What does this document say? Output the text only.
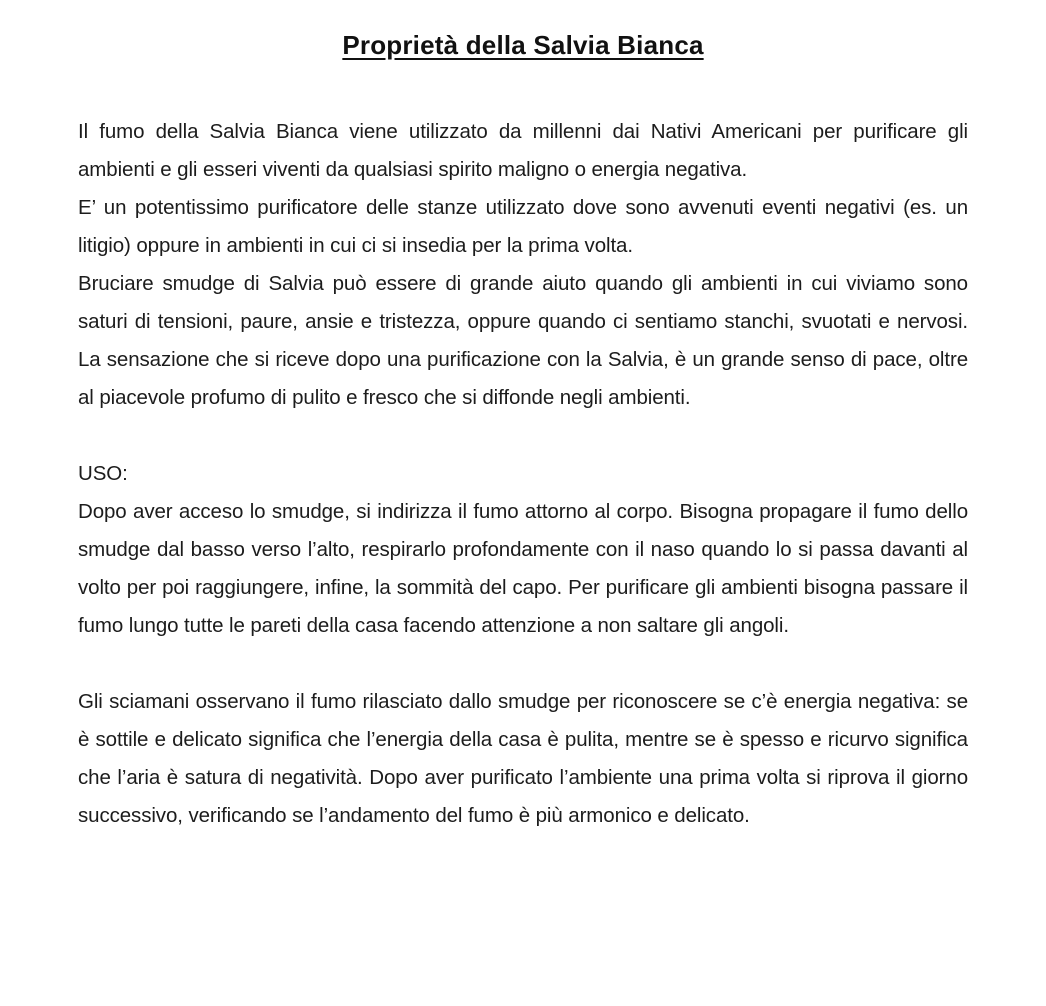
Proprietà della Salvia Bianca

Il fumo della Salvia Bianca viene utilizzato da millenni dai Nativi Americani per purificare gli ambienti e gli esseri viventi da qualsiasi spirito maligno o energia negativa.

E’ un potentissimo purificatore delle stanze utilizzato dove sono avvenuti eventi negativi (es. un litigio) oppure in ambienti in cui ci si insedia per la prima volta.

Bruciare smudge di Salvia può essere di grande aiuto quando gli ambienti in cui viviamo sono saturi di tensioni, paure, ansie e tristezza, oppure quando ci sentiamo stanchi, svuotati e nervosi. La sensazione che si riceve dopo una purificazione con la Salvia, è un grande senso di pace, oltre al piacevole profumo di pulito e fresco che si diffonde negli ambienti.

USO:

Dopo aver acceso lo smudge, si indirizza il fumo attorno al corpo. Bisogna propagare il fumo dello smudge dal basso verso l’alto, respirarlo profondamente con il naso quando lo si passa davanti al volto per poi raggiungere, infine, la sommità del capo. Per purificare gli ambienti bisogna passare il fumo lungo tutte le pareti della casa facendo attenzione a non saltare gli angoli.

Gli sciamani osservano il fumo rilasciato dallo smudge per riconoscere se c’è energia negativa: se è sottile e delicato significa che l’energia della casa è pulita, mentre se è spesso e ricurvo significa che l’aria è satura di negatività. Dopo aver purificato l’ambiente una prima volta si riprova il giorno successivo, verificando se l’andamento del fumo è più armonico e delicato.
